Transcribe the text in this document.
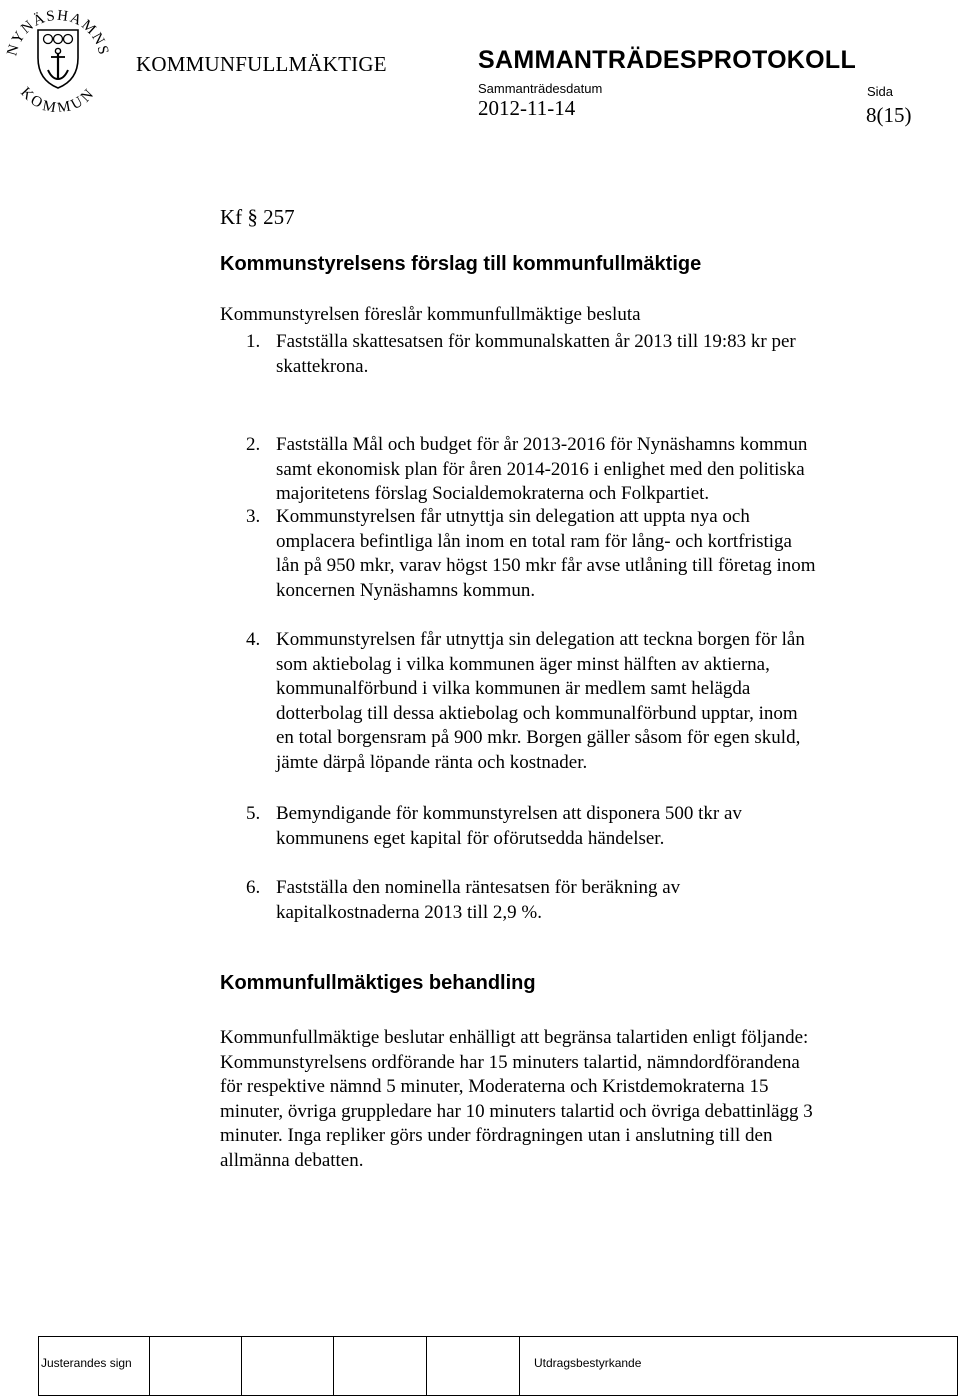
NYNÄSHAMNS
KOMMUN
KOMMUNFULLMÄKTIGE	SAMMANTRÄDESPROTOKOLL
Sammanträdesdatum
2012-11-14
Sida
8(15)
Kf § 257
Kommunstyrelsens förslag till kommunfullmäktige
Kommunstyrelsen föreslår kommunfullmäktige besluta
1. Fastställa skattesatsen för kommunalskatten år 2013 till 19:83 kr per
skattekrona.
2. Fastställa Mål och budget för år 2013-2016 för Nynäshamns kommun
samt ekonomisk plan för åren 2014-2016 i enlighet med den politiska
majoritetens förslag Socialdemokraterna och Folkpartiet.
3. Kommunstyrelsen får utnyttja sin delegation att uppta nya och
omplacera befintliga lån inom en total ram för lång- och kortfristiga
lån på 950 mkr, varav högst 150 mkr får avse utlåning till företag inom
koncernen Nynäshamns kommun.
4. Kommunstyrelsen får utnyttja sin delegation att teckna borgen för lån
som aktiebolag i vilka kommunen äger minst hälften av aktierna,
kommunalförbund i vilka kommunen är medlem samt helägda
dotterbolag till dessa aktiebolag och kommunalförbund upptar, inom
en total borgensram på 900 mkr. Borgen gäller såsom för egen skuld,
jämte därpå löpande ränta och kostnader.
5. Bemyndigande för kommunstyrelsen att disponera 500 tkr av
kommunens eget kapital för oförutsedda händelser.
6. Fastställa den nominella räntesatsen för beräkning av
kapitalkostnaderna 2013 till 2,9 %.
Kommunfullmäktiges behandling
Kommunfullmäktige beslutar enhälligt att begränsa talartiden enligt följande:
Kommunstyrelsens ordförande har 15 minuters talartid, nämndordförandena
för respektive nämnd 5 minuter, Moderaterna och Kristdemokraterna 15
minuter, övriga gruppledare har 10 minuters talartid och övriga debattinlägg 3
minuter. Inga repliker görs under fördragningen utan i anslutning till den
allmänna debatten.
Justerandes sign	Utdragsbestyrkande
